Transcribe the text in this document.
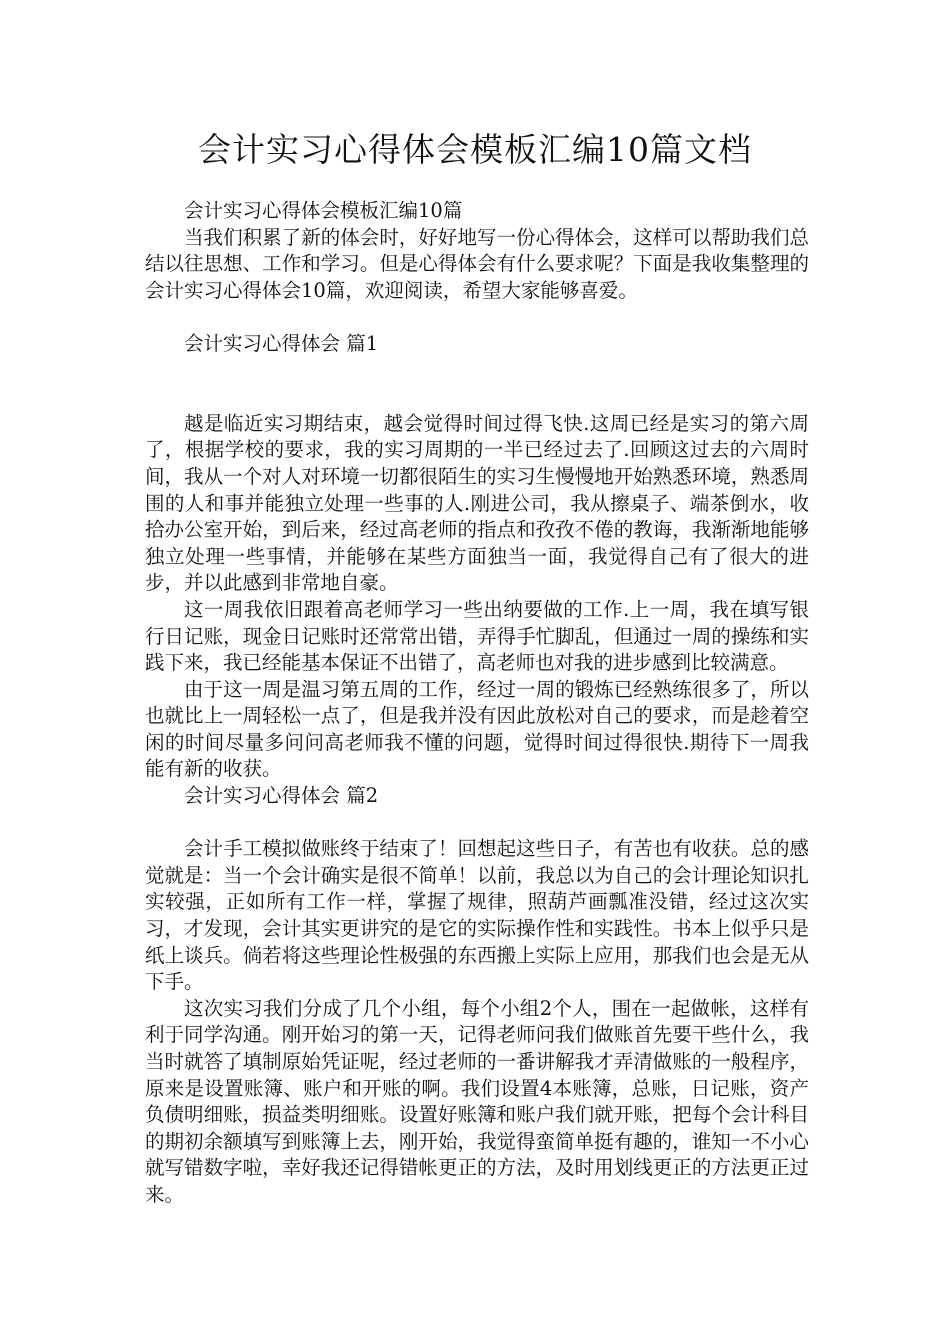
会计实习心得体会模板汇编10篇文档
会计实习心得体会模板汇编10篇

当我们积累了新的体会时，好好地写一份心得体会，这样可以帮助我们总结以往思想、工作和学习。但是心得体会有什么要求呢？下面是我收集整理的会计实习心得体会10篇，欢迎阅读，希望大家能够喜爱。

会计实习心得体会 篇1

越是临近实习期结束，越会觉得时间过得飞快.这周已经是实习的第六周了，根据学校的要求，我的实习周期的一半已经过去了.回顾这过去的六周时间，我从一个对人对环境一切都很陌生的实习生慢慢地开始熟悉环境，熟悉周围的人和事并能独立处理一些事的人.刚进公司，我从擦桌子、端茶倒水，收拾办公室开始，到后来，经过高老师的指点和孜孜不倦的教诲，我渐渐地能够独立处理一些事情，并能够在某些方面独当一面，我觉得自己有了很大的进步，并以此感到非常地自豪。

这一周我依旧跟着高老师学习一些出纳要做的工作.上一周，我在填写银行日记账，现金日记账时还常常出错，弄得手忙脚乱，但通过一周的操练和实践下来，我已经能基本保证不出错了，高老师也对我的进步感到比较满意。

由于这一周是温习第五周的工作，经过一周的锻炼已经熟练很多了，所以也就比上一周轻松一点了，但是我并没有因此放松对自己的要求，而是趁着空闲的时间尽量多问问高老师我不懂的问题，觉得时间过得很快.期待下一周我能有新的收获。

会计实习心得体会 篇2

会计手工模拟做账终于结束了！回想起这些日子，有苦也有收获。总的感觉就是：当一个会计确实是很不简单！以前，我总以为自己的会计理论知识扎实较强，正如所有工作一样，掌握了规律，照葫芦画瓢准没错，经过这次实习，才发现，会计其实更讲究的是它的实际操作性和实践性。书本上似乎只是纸上谈兵。倘若将这些理论性极强的东西搬上实际上应用，那我们也会是无从下手。

这次实习我们分成了几个小组，每个小组2个人，围在一起做帐，这样有利于同学沟通。刚开始习的第一天，记得老师问我们做账首先要干些什么，我当时就答了填制原始凭证呢，经过老师的一番讲解我才弄清做账的一般程序，原来是设置账簿、账户和开账的啊。我们设置4本账簿，总账，日记账，资产负债明细账，损益类明细账。设置好账簿和账户我们就开账，把每个会计科目的期初余额填写到账簿上去，刚开始，我觉得蛮简单挺有趣的，谁知一不小心就写错数字啦，幸好我还记得错帐更正的方法，及时用划线更正的方法更正过来。
